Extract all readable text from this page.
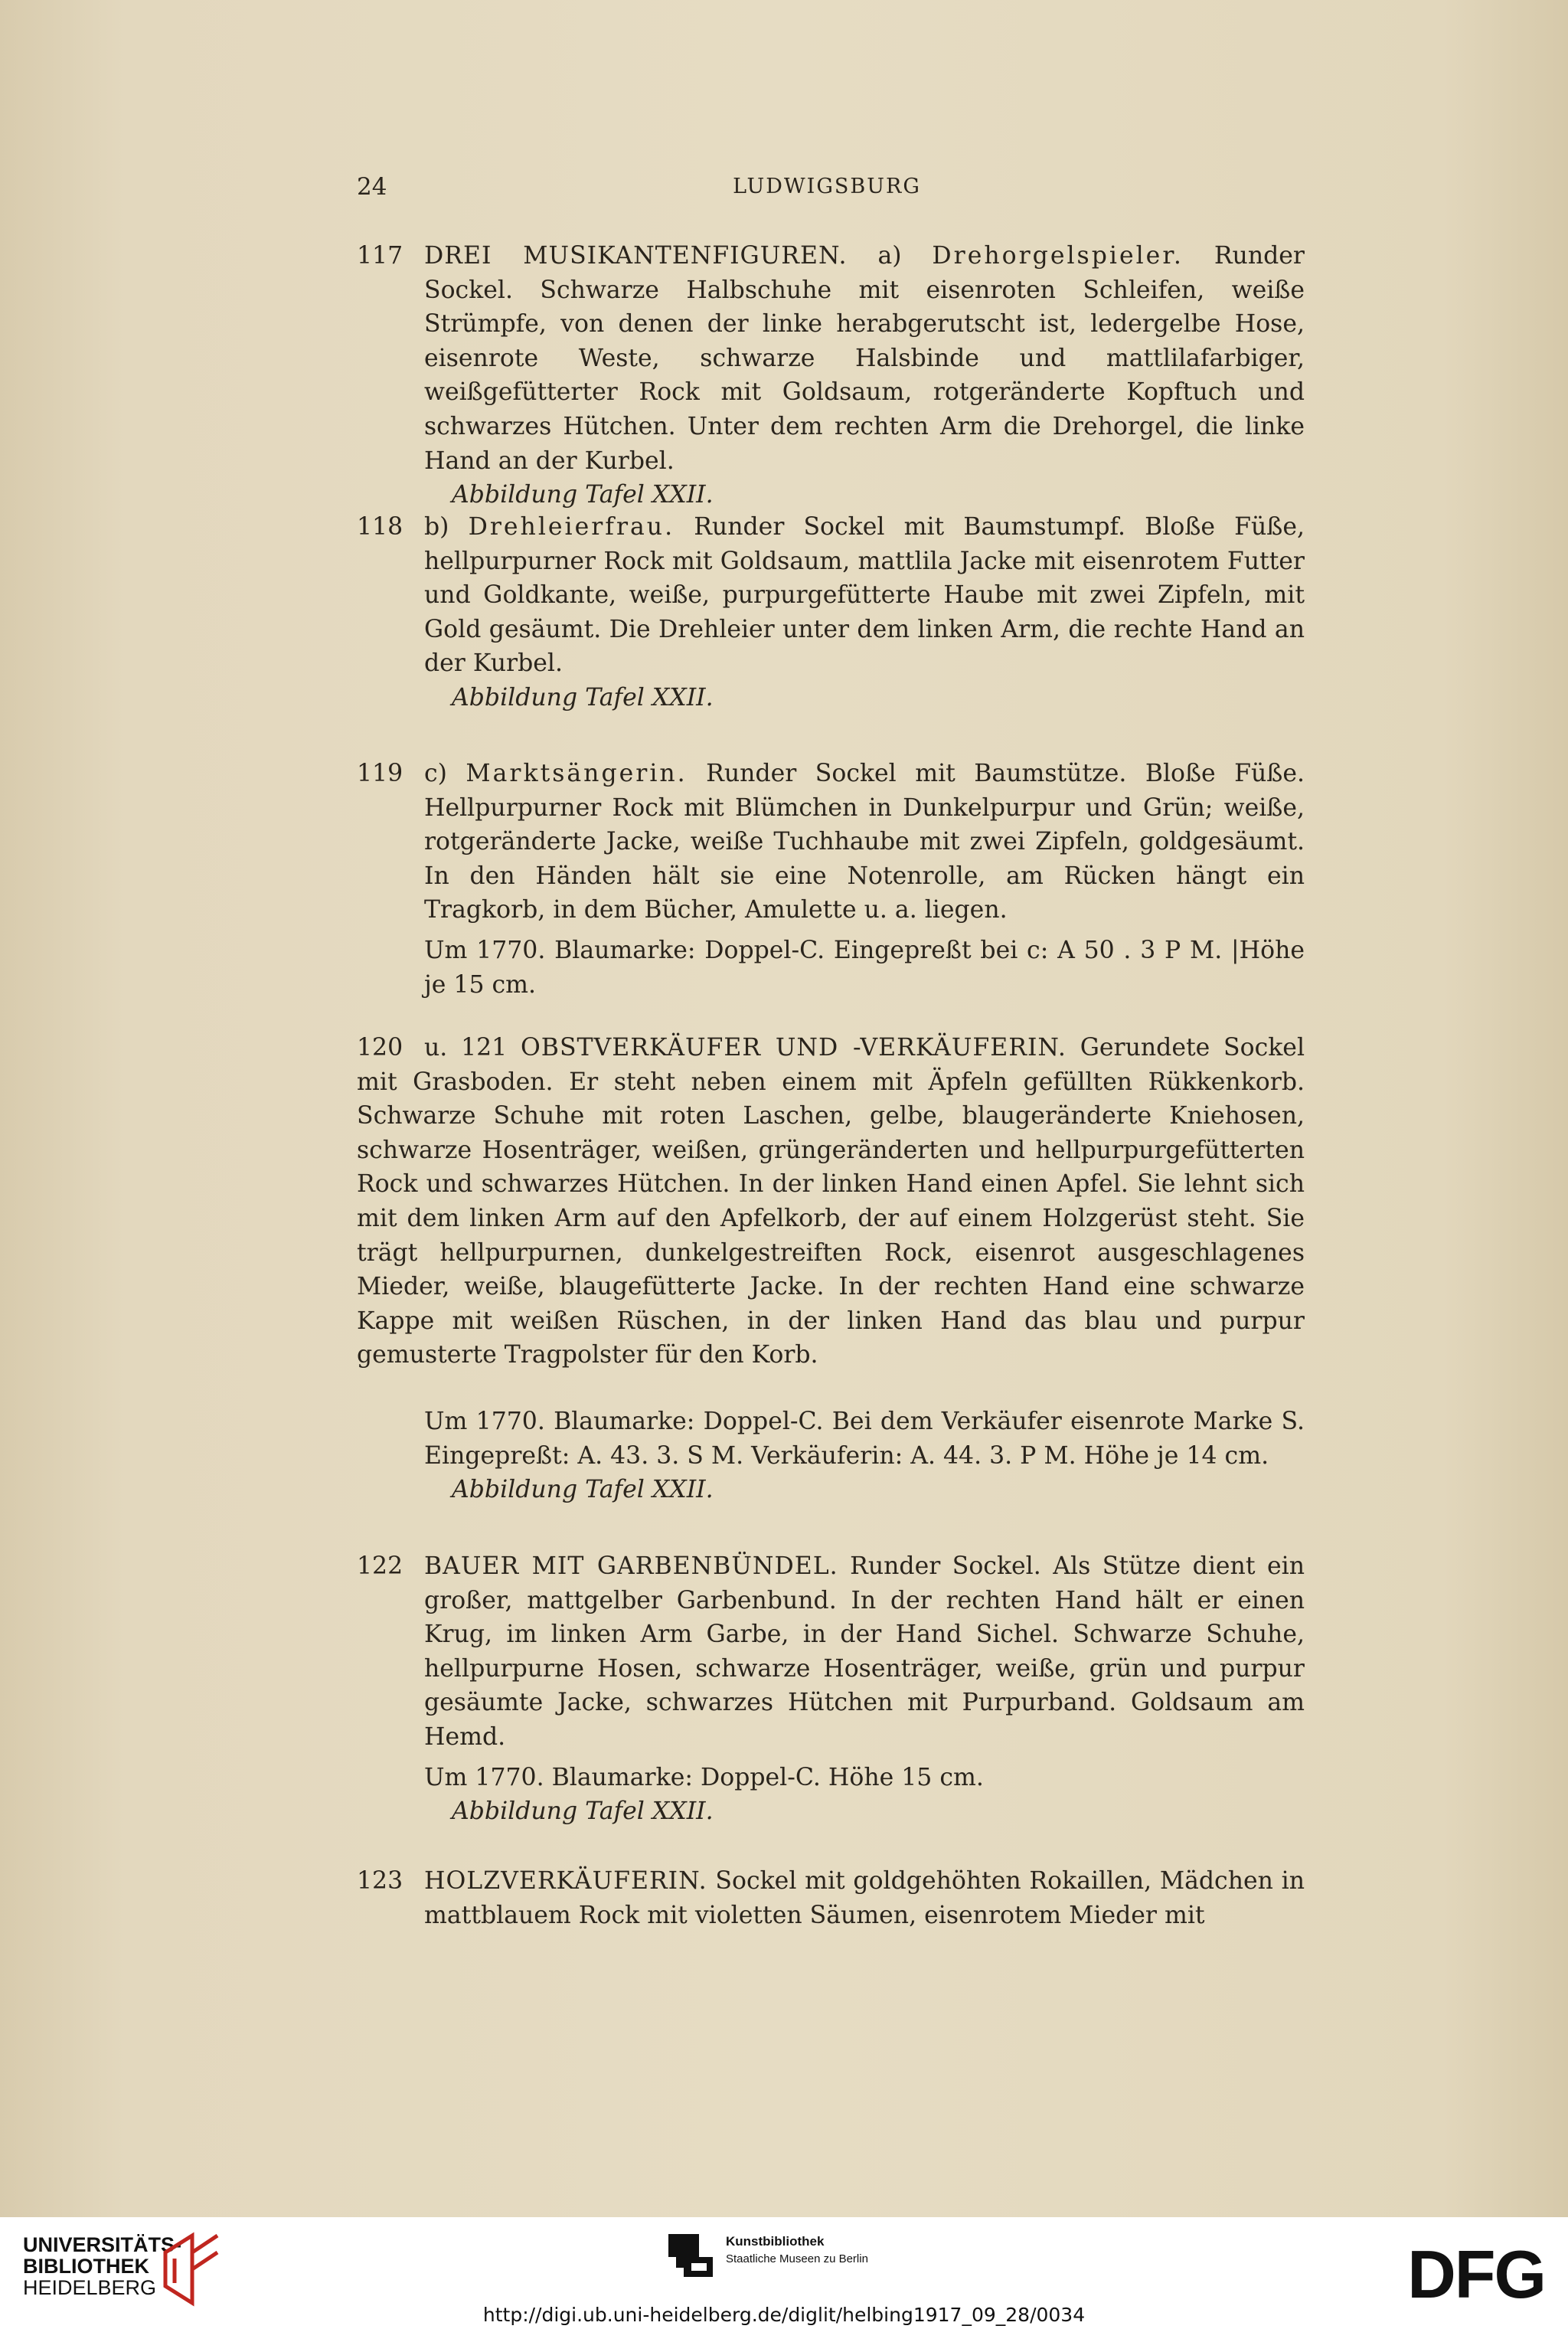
24	LUDWIGSBURG
117 DREI MUSIKANTENFIGUREN. a) Drehorgelspieler. Runder Sockel. Schwarze Halbschuhe mit eisenroten Schleifen, weiße Strümpfe, von denen der linke herabgerutscht ist, ledergelbe Hose, eisenrote Weste, schwarze Halsbinde und mattlilafarbiger, weißgefütterter Rock mit Goldsaum, rotgeränderte Kopftuch und schwarzes Hütchen. Unter dem rechten Arm die Drehorgel, die linke Hand an der Kurbel.

Abbildung Tafel XXII.

118 b) Drehleierfrau. Runder Sockel mit Baumstumpf. Bloße Füße, hellpurpurner Rock mit Goldsaum, mattlila Jacke mit eisenrotem Futter und Goldkante, weiße, purpurgefütterte Haube mit zwei Zipfeln, mit Gold gesäumt. Die Drehleier unter dem linken Arm, die rechte Hand an der Kurbel.

Abbildung Tafel XXII.

119 c) Marktsängerin. Runder Sockel mit Baumstütze. Bloße Füße. Hellpurpurner Rock mit Blümchen in Dunkelpurpur und Grün; weiße, rotgeränderte Jacke, weiße Tuchhaube mit zwei Zipfeln, goldgesäumt. In den Händen hält sie eine Notenrolle, am Rücken hängt ein Tragkorb, in dem Bücher, Amulette u. a. liegen.

Um 1770. Blaumarke: Doppel-C. Eingepreßt bei c: A 50 . 3 P M. |Höhe je 15 cm.

120 u. 121 OBSTVERKÄUFER UND -VERKÄUFERIN. Gerundete Sockel mit Grasboden. Er steht neben einem mit Äpfeln gefüllten Rükkenkorb. Schwarze Schuhe mit roten Laschen, gelbe, blaugeränderte Kniehosen, schwarze Hosenträger, weißen, grüngeränderten und hellpurpurgefütterten Rock und schwarzes Hütchen. In der linken Hand einen Apfel. Sie lehnt sich mit dem linken Arm auf den Apfelkorb, der auf einem Holzgerüst steht. Sie trägt hellpurpurnen, dunkelgestreiften Rock, eisenrot ausgeschlagenes Mieder, weiße, blaugefütterte Jacke. In der rechten Hand eine schwarze Kappe mit weißen Rüschen, in der linken Hand das blau und purpur gemusterte Tragpolster für den Korb.

Um 1770. Blaumarke: Doppel-C. Bei dem Verkäufer eisenrote Marke S. Eingepreßt: A. 43. 3. S M. Verkäuferin: A. 44. 3. P M. Höhe je 14 cm.

Abbildung Tafel XXII.

122 BAUER MIT GARBENBÜNDEL. Runder Sockel. Als Stütze dient ein großer, mattgelber Garbenbund. In der rechten Hand hält er einen Krug, im linken Arm Garbe, in der Hand Sichel. Schwarze Schuhe, hellpurpurne Hosen, schwarze Hosenträger, weiße, grün und purpur gesäumte Jacke, schwarzes Hütchen mit Purpurband. Goldsaum am Hemd.

Um 1770. Blaumarke: Doppel-C. Höhe 15 cm.

Abbildung Tafel XXII.

123 HOLZVERKÄUFERIN. Sockel mit goldgehöhten Rokaillen, Mädchen in mattblauem Rock mit violetten Säumen, eisenrotem Mieder mit

UNIVERSITÄTS-
BIBLIOTHEK
HEIDELBERG
Kunstbibliothek
Staatliche Museen zu Berlin	DFG
http://digi.ub.uni-heidelberg.de/diglit/helbing1917_09_28/0034
